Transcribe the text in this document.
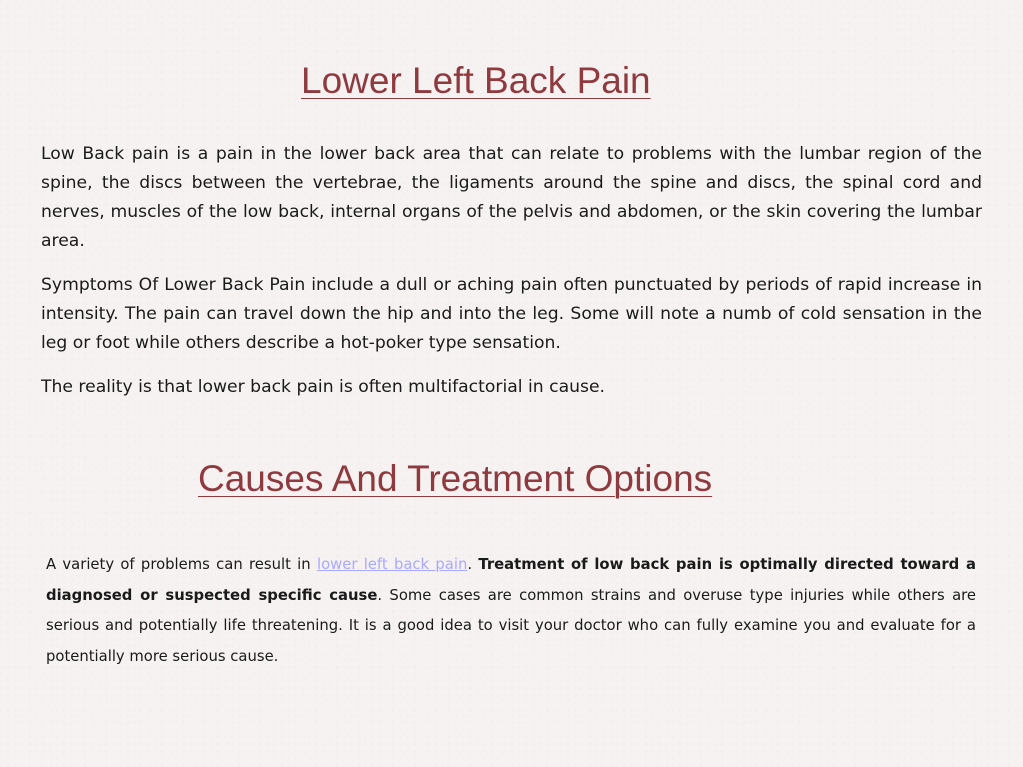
Lower Left Back Pain

Low Back pain is a pain in the lower back area that can relate to problems with the lumbar region of the spine, the discs between the vertebrae, the ligaments around the spine and discs, the spinal cord and nerves, muscles of the low back, internal organs of the pelvis and abdomen, or the skin covering the lumbar area.

Symptoms Of Lower Back Pain include a dull or aching pain often punctuated by periods of rapid increase in intensity. The pain can travel down the hip and into the leg. Some will note a numb of cold sensation in the leg or foot while others describe a hot-poker type sensation.

The reality is that lower back pain is often multifactorial in cause.

Causes And Treatment Options

A variety of problems can result in lower left back pain. Treatment of low back pain is optimally directed toward a diagnosed or suspected specific cause. Some cases are common strains and overuse type injuries while others are serious and potentially life threatening. It is a good idea to visit your doctor who can fully examine you and evaluate for a potentially more serious cause.
